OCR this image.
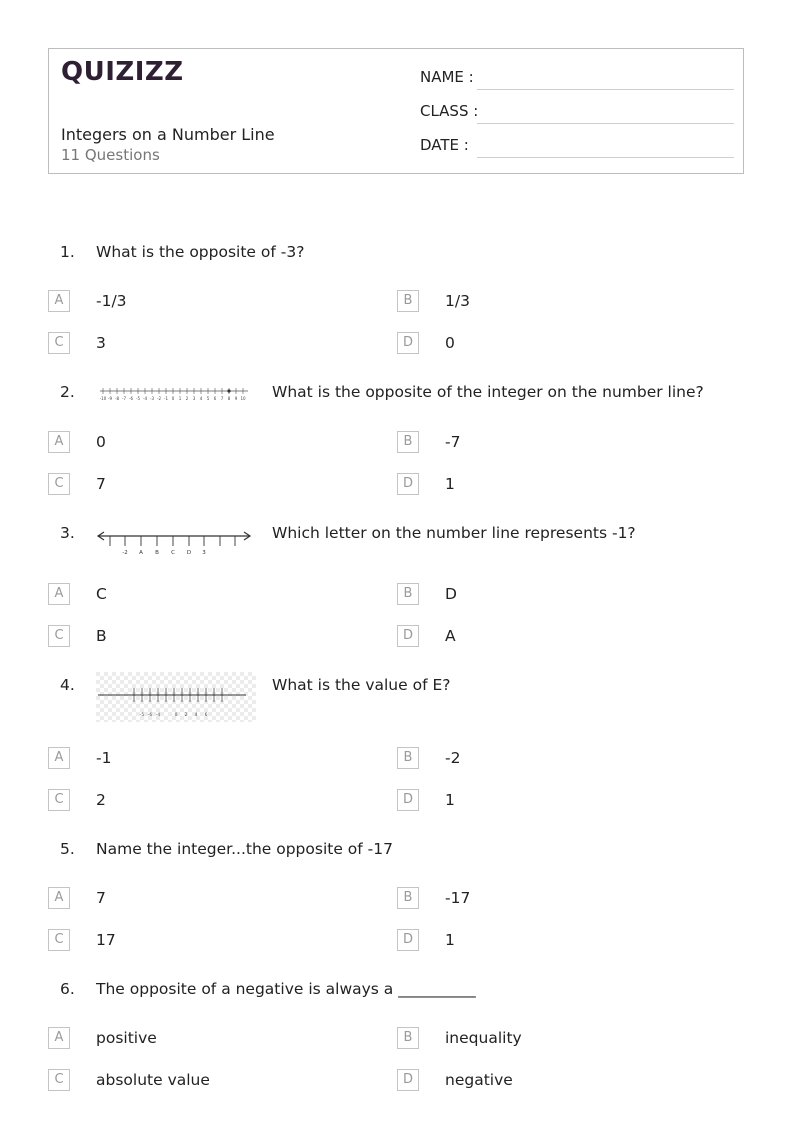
QUIZIZZ
Integers on a Number Line
11 Questions
NAME :
CLASS :
DATE :
1. What is the opposite of -3?
A	-1/3	B	1/3
C	3	D	0
2.	-10 -9 -8 -7 -6 -5 -4 -3 -2 -1 0 1 2 3 4 5 6 7 8 9 10 What is the opposite of the integer on the number line?
A	0	B	-7
C	7	D	1
3.
-2 A B C D 3
Which letter on the number line represents -1?
A	C	B	D
C	B	D	A
4.
-5 -6 -4	0 2 4 6
What is the value of E?
A	-1	B	-2
C	2	D	1
5. Name the integer...the opposite of -17
A	7	B	-17
C	17	D	1
6. The opposite of a negative is always a __________
A	positive	B	inequality
C	absolute value	D	negative
